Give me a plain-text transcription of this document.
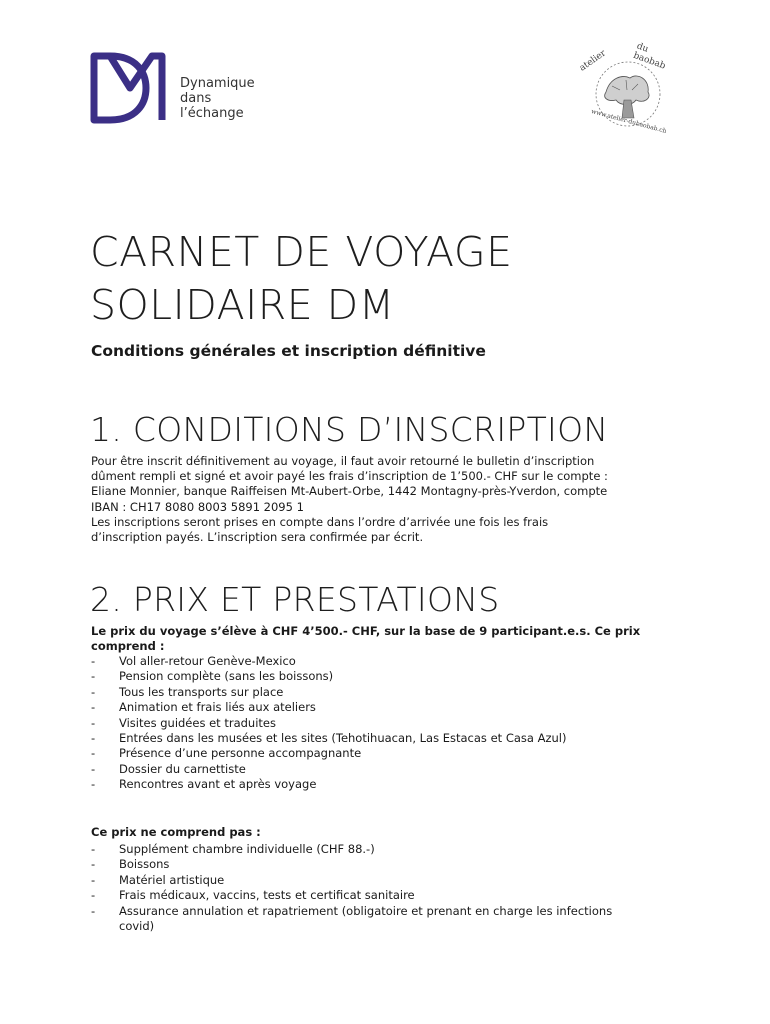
Dynamique
dans
l’échange
atelier
du baobab
www.atelier-dubaobab.ch
CARNET DE VOYAGE
SOLIDAIRE DM
Conditions générales et inscription définitive
1. CONDITIONS D’INSCRIPTION
Pour être inscrit définitivement au voyage, il faut avoir retourné le bulletin d’inscription
dûment rempli et signé et avoir payé les frais d’inscription de 1’500.- CHF sur le compte :
Eliane Monnier, banque Raiffeisen Mt-Aubert-Orbe, 1442 Montagny-près-Yverdon, compte
IBAN : CH17 8080 8003 5891 2095 1
Les inscriptions seront prises en compte dans l’ordre d’arrivée une fois les frais
d’inscription payés. L’inscription sera confirmée par écrit.
2. PRIX ET PRESTATIONS
Le prix du voyage s’élève à CHF 4’500.- CHF, sur la base de 9 participant.e.s. Ce prix
comprend :
- Vol aller-retour Genève-Mexico
- Pension complète (sans les boissons)
- Tous les transports sur place
- Animation et frais liés aux ateliers
- Visites guidées et traduites
- Entrées dans les musées et les sites (Tehotihuacan, Las Estacas et Casa Azul)
- Présence d’une personne accompagnante
- Dossier du carnettiste
- Rencontres avant et après voyage
Ce prix ne comprend pas :
- Supplément chambre individuelle (CHF 88.-)
- Boissons
- Matériel artistique
- Frais médicaux, vaccins, tests et certificat sanitaire
- Assurance annulation et rapatriement (obligatoire et prenant en charge les infections
covid)
